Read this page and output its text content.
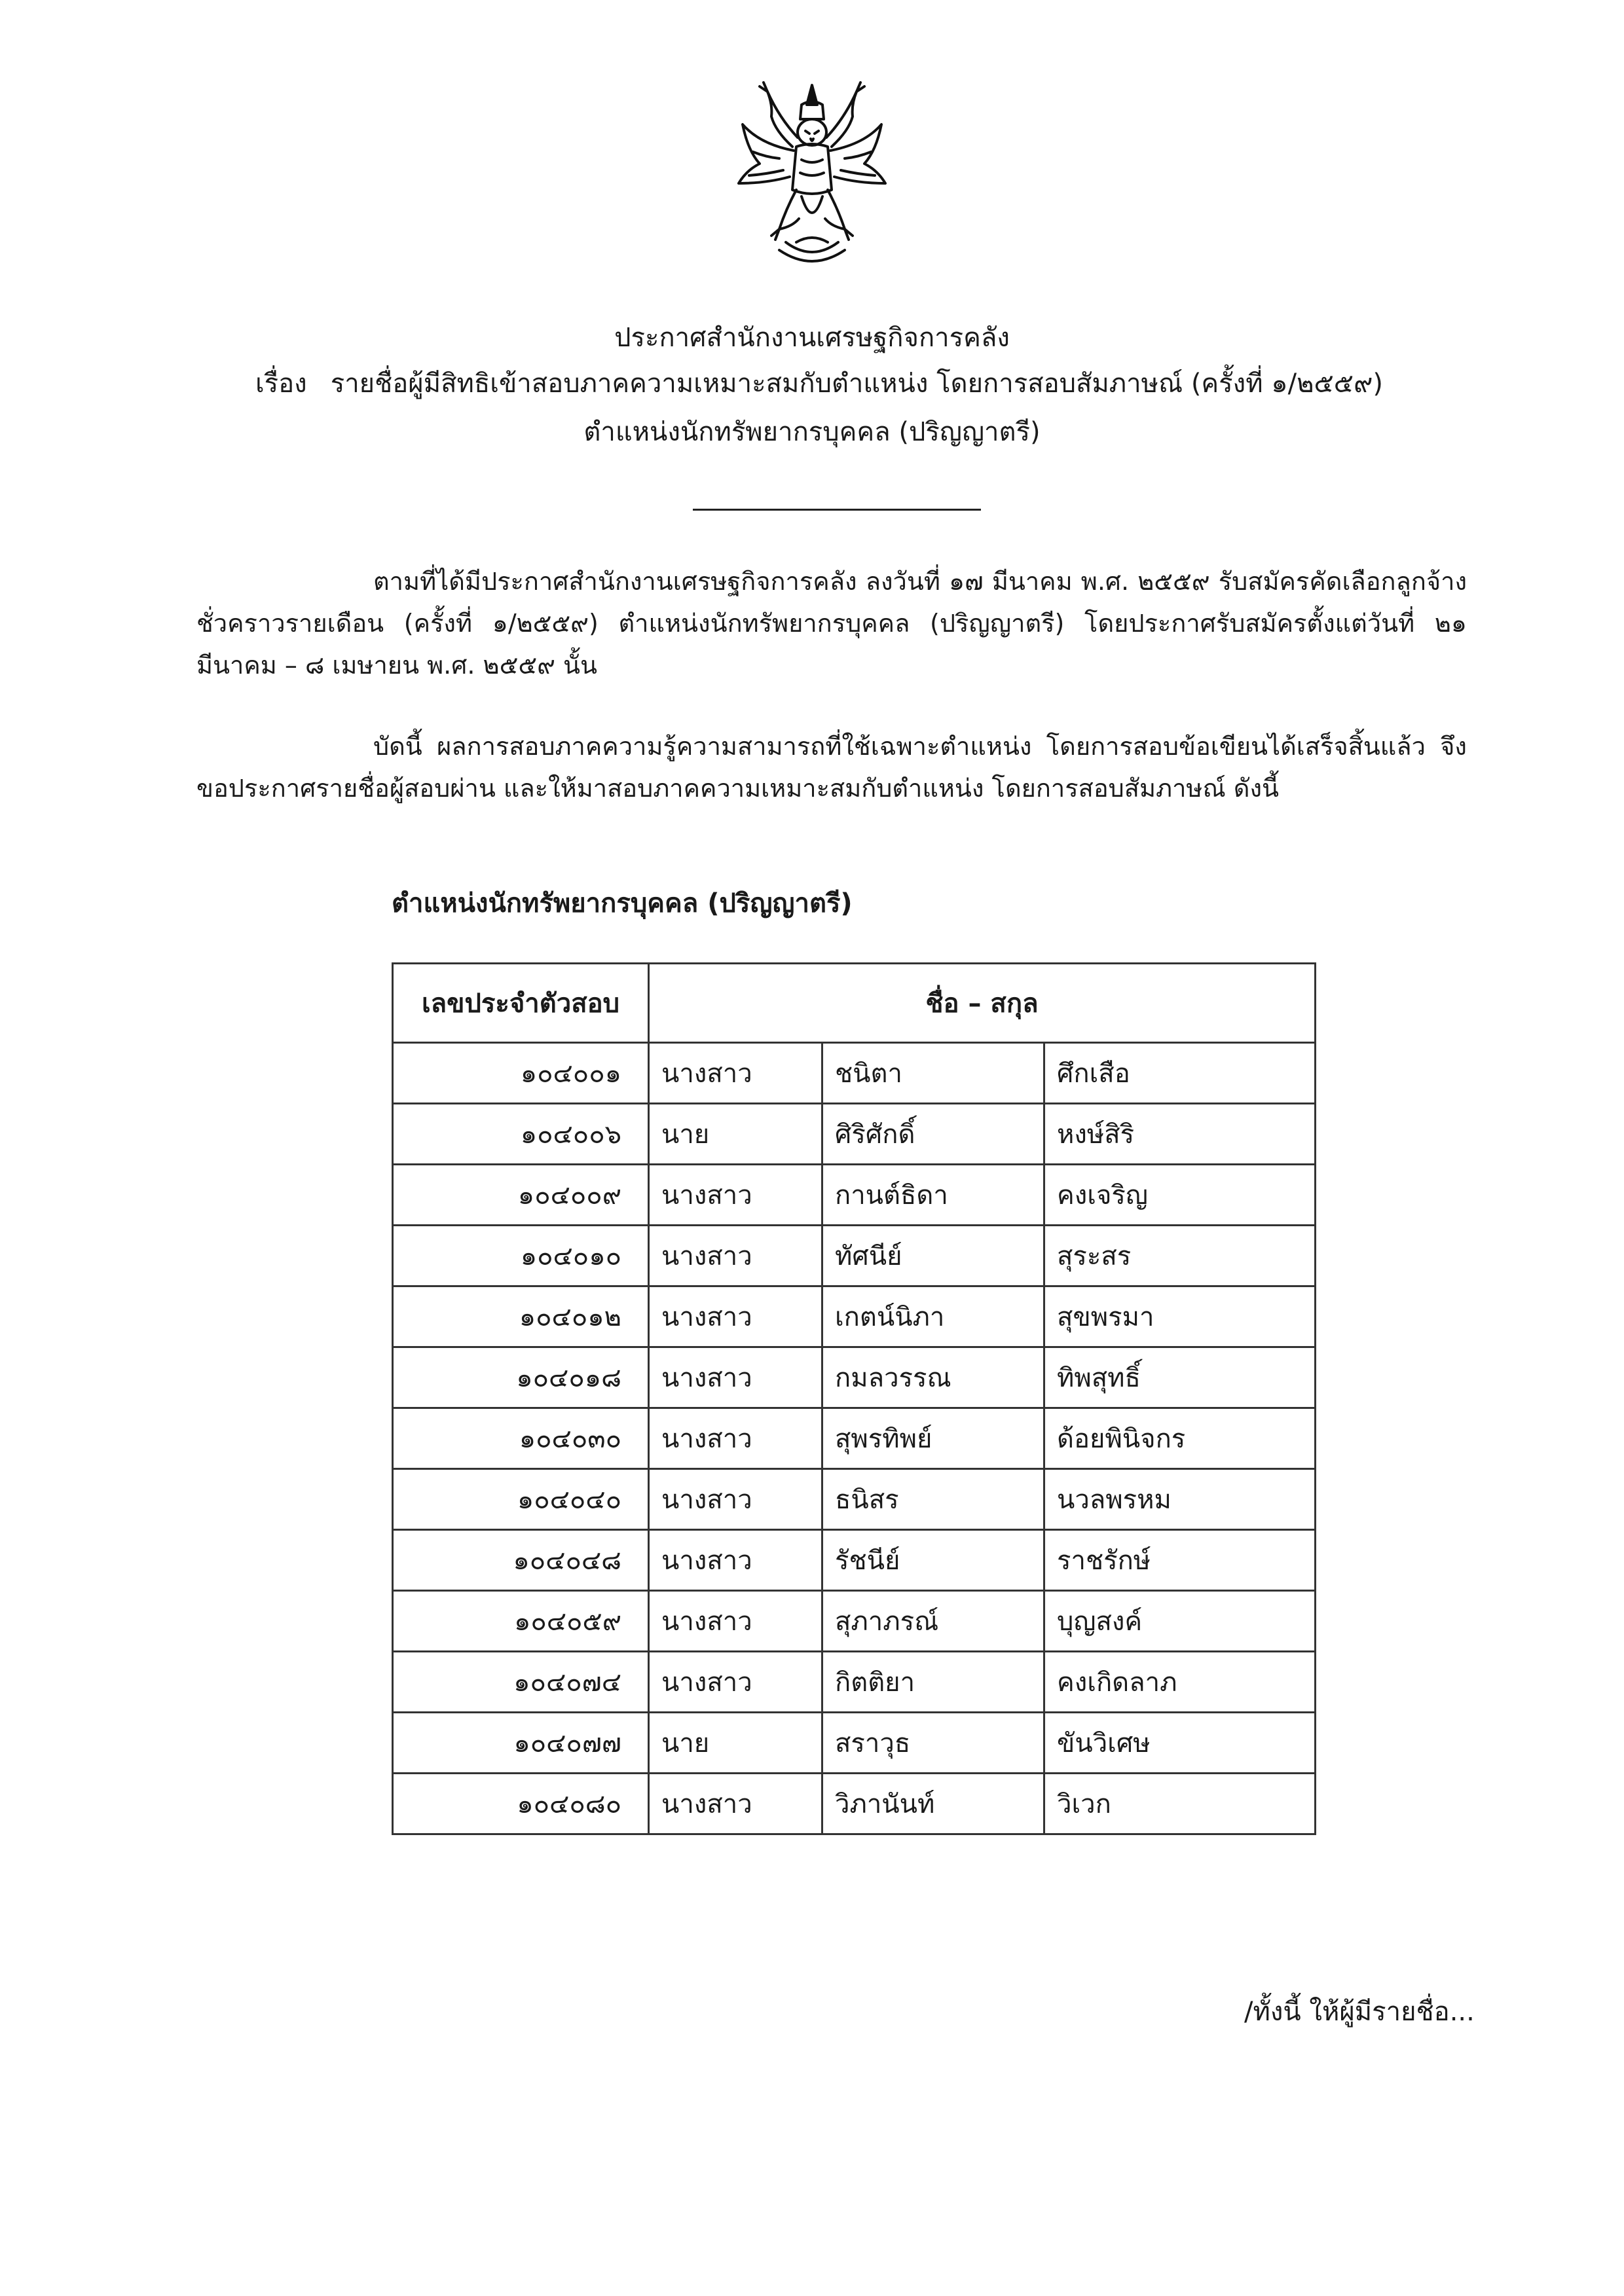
ประกาศสำนักงานเศรษฐกิจการคลัง
เรื่อง รายชื่อผู้มีสิทธิเข้าสอบภาคความเหมาะสมกับตำแหน่ง โดยการสอบสัมภาษณ์ (ครั้งที่ ๑/๒๕๕๙)
ตำแหน่งนักทรัพยากรบุคคล (ปริญญาตรี)
ตามที่ได้มีประกาศสำนักงานเศรษฐกิจการคลัง ลงวันที่ ๑๗ มีนาคม พ.ศ. ๒๕๕๙ รับสมัครคัดเลือกลูกจ้างชั่วคราวรายเดือน (ครั้งที่ ๑/๒๕๕๙) ตำแหน่งนักทรัพยากรบุคคล (ปริญญาตรี) โดยประกาศรับสมัครตั้งแต่วันที่ ๒๑ มีนาคม – ๘ เมษายน พ.ศ. ๒๕๕๙ นั้น
บัดนี้ ผลการสอบภาคความรู้ความสามารถที่ใช้เฉพาะตำแหน่ง โดยการสอบข้อเขียนได้เสร็จสิ้นแล้ว จึงขอประกาศรายชื่อผู้สอบผ่าน และให้มาสอบภาคความเหมาะสมกับตำแหน่ง โดยการสอบสัมภาษณ์ ดังนี้
ตำแหน่งนักทรัพยากรบุคคล (ปริญญาตรี)
เลขประจำตัวสอบ	ชื่อ – สกุล		
๑๐๔๐๐๑	นางสาว	ชนิตา	ศึกเสือ
๑๐๔๐๐๖	นาย	ศิริศักดิ์	หงษ์สิริ
๑๐๔๐๐๙	นางสาว	กานต์ธิดา	คงเจริญ
๑๐๔๐๑๐	นางสาว	ทัศนีย์	สุระสร
๑๐๔๐๑๒	นางสาว	เกตน์นิภา	สุขพรมา
๑๐๔๐๑๘	นางสาว	กมลวรรณ	ทิพสุทธิ์
๑๐๔๐๓๐	นางสาว	สุพรทิพย์	ด้อยพินิจกร
๑๐๔๐๔๐	นางสาว	ธนิสร	นวลพรหม
๑๐๔๐๔๘	นางสาว	รัชนีย์	ราชรักษ์
๑๐๔๐๕๙	นางสาว	สุภาภรณ์	บุญสงค์
๑๐๔๐๗๔	นางสาว	กิตติยา	คงเกิดลาภ
๑๐๔๐๗๗	นาย	สราวุธ	ขันวิเศษ
๑๐๔๐๘๐	นางสาว	วิภานันท์	วิเวก
/ทั้งนี้ ให้ผู้มีรายชื่อ...
